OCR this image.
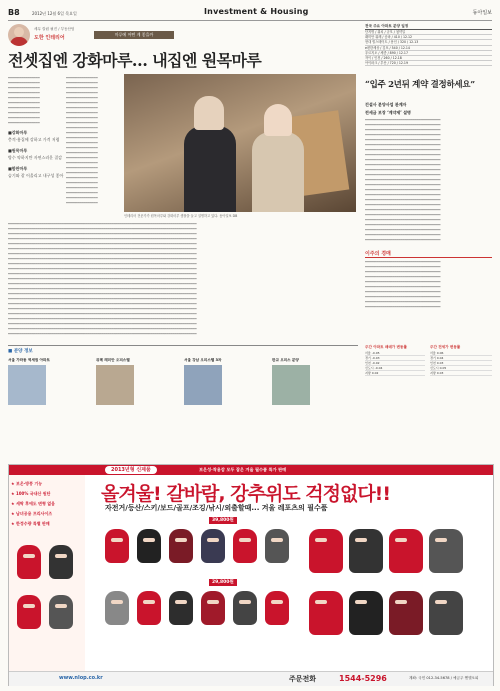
B8	2012년 12월 6일 목요일	Investment & Housing	동아일보
세무 칼럼 필진 / 부동산팀
도한 인테리어
마루에 어떤 게 좋을까
전국 주요 아파트 분양 일정
단지명 / 위치 / 규모 / 청약일
래미안 위례 / 송파 / 410 / 12.12
현대 힐스테이트 / 용인 / 320 / 12.13
e편한세상 / 김포 / 540 / 12.14
푸르지오 / 세종 / 890 / 12.17
자이 / 인천 / 260 / 12.18
아이파크 / 부산 / 720 / 12.19
전셋집엔 강화마루… 내집엔 원목마루
━━━━━━━━━━━━━━━━
━━━━━━━━━━━━━━━━
━━━━━━━━━━━━━━━━
━━━━━━━━━━━━━━━━
━━━━━━━━━━━━━━━━
━━━━━━━━━━━━━━━━
━━━━━━━━━━━━━━━━
━━━━━━━━━━━━━━━━
━━━━━━━━━━━━━━━━
━━━━━━━━━━━━━━━━
■강화마루
충격·흠집에 강하고 가격 저렴
■원목마루
방수 약하지만 자연스러운 질감
■합판마루
습기와 잘 어울리고 내구성 좋아
━━━━━━━━━━━━━━━━
━━━━━━━━━━━━━━━━
━━━━━━━━━━━━━━━━
━━━━━━━━━━━━━━━━
━━━━━━━━━━━━━━━━
━━━━━━━━━━━━━━━━
━━━━━━━━━━━━━━━━
━━━━━━━━━━━━━━━━
━━━━━━━━━━━━━━━━
━━━━━━━━━━━━━━━━
━━━━━━━━━━━━━━━━
━━━━━━━━━━━━━━━━
━━━━━━━━━━━━━━━━
━━━━━━━━━━━━━━━━
━━━━━━━━━━━━━━━━
━━━━━━━━━━━━━━━━
━━━━━━━━━━━━━━━━
━━━━━━━━━━━━━━━━
━━━━━━━━━━━━━━━━
━━━━━━━━━━━━━━━━
━━━━━━━━━━━━━━━━
━━━━━━━━━━━━━━━━
━━━━━━━━━━━━━━━━
━━━━━━━━━━━━━━━━
━━━━━━━━━━━━━━━━
━━━━━━━━━━━━━━━━
인테리어 전문가가 원목마루와 강화마루 샘플을 들고 설명하고 있다. 동아일보 DB
━━━━━━━━━━━━━━━━━━━━━━━━━━━━━━━━━━━━━━━━━━━━━━━━━━━━━━━━━━━━━━━━━━━━━━━━━━━━━━━━━━━━━━━━━━━━━━━
━━━━━━━━━━━━━━━━━━━━━━━━━━━━━━━━━━━━━━━━━━━━━━━━━━━━━━━━━━━━━━━━━━━━━━━━━━━━━━━━━━━━━━━━━━━━━━━
━━━━━━━━━━━━━━━━━━━━━━━━━━━━━━━━━━━━━━━━━━━━━━━━━━━━━━━━━━━━━━━━━━━━━━━━━━━━━━━━━━━━━━━━━━━━━━━
━━━━━━━━━━━━━━━━━━━━━━━━━━━━━━━━━━━━━━━━━━━━━━━━━━━━━━━━━━━━━━━━━━━━━━━━━━━━━━━━━━━━━━━━━━━━━━━
━━━━━━━━━━━━━━━━━━━━━━━━━━━━━━━━━━━━━━━━━━━━━━━━━━━━━━━━━━━━━━━━━━━━━━━━━━━━━━━━━━━━━━━━━━━━━━━
━━━━━━━━━━━━━━━━━━━━━━━━━━━━━━━━━━━━━━━━━━━━━━━━━━━━━━━━━━━━━━━━━━━━━━━━━━━━━━━━━━━━━━━━━━━━━━━
━━━━━━━━━━━━━━━━━━━━━━━━━━━━━━━━━━━━━━━━━━━━━━━━━━━━━━━━━━━━━━━━━━━━━━━━━━━━━━━━━━━━━━━━━━━━━━━
━━━━━━━━━━━━━━━━━━━━━━━━━━━━━━━━━━━━━━━━━━━━━━━━━━━━━━━━━━━━━━━━━━━━━━━━━━━━━━━━━━━━━━━━━━━━━━━
━━━━━━━━━━━━━━━━━━━━━━━━━━━━━━━━━━━━━━━━━━━━━━━━━━━━━━━━━━━━━━━━━━━━━━━━━━━━━━━━━━━━━━━━━━━━━━━
━━━━━━━━━━━━━━━━━━━━━━━━━━━━━━━━━━━━━━━━━━━━━━━━━━━━━━━━━━━━━━━━━━━━━━━━━━━━━━━━━━━━━━━━━━━━━━━
━━━━━━━━━━━━━━━━━━━━━━━━━━━━━━━━━━━━━━━━━━━━━━━━━━━━━━━━━━━━━━━━━━━━━━━━━━━━━━━━━━━━━━━━━━━━━━━
━━━━━━━━━━━━━━━━━━━━━━━━━━━━━━━━━━━━━━━━━━━━━━━━━━━━━━━━━━━━━━━━━━━━━━━━━━━━━━━━━━━━━━━━━━━━━━━
━━━━━━━━━━━━━━━━━━━━━━━━━━━━━━━━━━━━━━━━━━━━━━━━━━━━━━━━━━━━━━━━━━━━━━━━━━━━━━━━━━━━━━━━━━━━━━━
━━━━━━━━━━━━━━━━━━━━━━━━━━━━━━━━━━━━━━━━━━━━━━━━━━━━━━━━━━━━━━━━━━━━━━━━━━━━━━━━━━━━━━━━━━━━━━━
━━━━━━━━━━━━━━━━━━━━━━━━━━━━━━━━━━━━━━━━━━━━━━━━━━━━━━━━━━━━━━━━━━━━━━━━━━━━━━━━━━━━━━━━━━━━━━━
━━━━━━━━━━━━━━━━━━━━━━━━━━━━━━━━━━━━━━━━━━━━━━━━━━━━━━━━━━━━━━━━━━━━━━━━━━━━━━━━━━━━━━━━━━━━━━━
━━━━━━━━━━━━━━━━━━━━━━━━━━━━━━━━━━━━━━━━━━━━━━━━━━━━━━━━━━━━━━━━━━━━━━━━━━━━━━━━━━━━━━━━━━━━━━━
━━━━━━━━━━━━━━━━━━━━━━━━━━━━━━━━━━━━━━━━━━━━━━━━━━━━━━━━━━━━━━━━━━━━━━━━━━━━━━━━━━━━━━━━━━━━━━━
━━━━━━━━━━━━━━━━━━━━━━━━━━━━━━━━━━━━━━━━━━━━━━━━━━━━━━━━━━━━━━━━━━━━━━━━━━━━━━━━━━━━━━━━━━━━━━━
━━━━━━━━━━━━━━━━━━━━━━━━━━━━━━━━━━━━━━━━━━━━━━━━━━━━━━━━━━━━━━━━━━━━━━━━━━━━━━━━━━━━━━━━━━━━━━━
━━━━━━━━━━━━━━━━━━━━━━━━━━━━━━━━━━━━━━━━━━━━━━━━━━━━━━━━━━━━━━━━━━━━━━━━━━━━━━━━━━━━━━━━━━━━━━━
━━━━━━━━━━━━━━━━━━━━━━━━━━━━━━━━━━━━━━━━━━━━━━━━━━━━━━━━━━━━━━━━━━━━━━━━━━━━━━━━━━━━━━━━━━━━━━━
━━━━━━━━━━━━━━━━━━━━━━━━━━━━━━━━━━━━━━━━━━━━━━━━━━━━━━━━━━━━━━━━━━━━━━━━━━━━━━━━━━━━━━━━━━━━━━━
“입주 2년뒤 계약 결정하세요”
건설사 분양사업 관계자
전세금 보장 ‘계약제’ 설명
━━━━━━━━━━━━━━━━━━━━━━━━━━━━━━━━━━━━━━
━━━━━━━━━━━━━━━━━━━━━━━━━━━━━━━━━━━━━━
━━━━━━━━━━━━━━━━━━━━━━━━━━━━━━━━━━━━━━
━━━━━━━━━━━━━━━━━━━━━━━━━━━━━━━━━━━━━━
━━━━━━━━━━━━━━━━━━━━━━━━━━━━━━━━━━━━━━
━━━━━━━━━━━━━━━━━━━━━━━━━━━━━━━━━━━━━━
━━━━━━━━━━━━━━━━━━━━━━━━━━━━━━━━━━━━━━
━━━━━━━━━━━━━━━━━━━━━━━━━━━━━━━━━━━━━━
━━━━━━━━━━━━━━━━━━━━━━━━━━━━━━━━━━━━━━
━━━━━━━━━━━━━━━━━━━━━━━━━━━━━━━━━━━━━━
━━━━━━━━━━━━━━━━━━━━━━━━━━━━━━━━━━━━━━
━━━━━━━━━━━━━━━━━━━━━━━━━━━━━━━━━━━━━━
━━━━━━━━━━━━━━━━━━━━━━━━━━━━━━━━━━━━━━
━━━━━━━━━━━━━━━━━━━━━━━━━━━━━━━━━━━━━━
━━━━━━━━━━━━━━━━━━━━━━━━━━━━━━━━━━━━━━
━━━━━━━━━━━━━━━━━━━━━━━━━━━━━━━━━━━━━━
━━━━━━━━━━━━━━━━━━━━━━━━━━━━━━━━━━━━━━
━━━━━━━━━━━━━━━━━━━━━━━━━━━━━━━━━━━━━━
━━━━━━━━━━━━━━━━━━━━━━━━━━━━━━━━━━━━━━
━━━━━━━━━━━━━━━━━━━━━━━━━━━━━━━━━━━━━━
━━━━━━━━━━━━━━━━━━━━━━━━━━━━━━━━━━━━━━
━━━━━━━━━━━━━━━━━━━━━━━━━━━━━━━━━━━━━━
━━━━━━━━━━━━━━━━━━━━━━━━━━━━━━━━━━━━━━
━━━━━━━━━━━━━━━━━━━━━━━━━━━━━━━━━━━━━━
━━━━━━━━━━━━━━━━━━━━━━━━━━━━━━━━━━━━━━
이주의 경매
━━━━━━━━━━━━━━━━━━━━━━━━━━━━━━━━━━━━━━
━━━━━━━━━━━━━━━━━━━━━━━━━━━━━━━━━━━━━━
━━━━━━━━━━━━━━━━━━━━━━━━━━━━━━━━━━━━━━
━━━━━━━━━━━━━━━━━━━━━━━━━━━━━━━━━━━━━━
━━━━━━━━━━━━━━━━━━━━━━━━━━━━━━━━━━━━━━
━━━━━━━━━━━━━━━━━━━━━━━━━━━━━━━━━━━━━━
━━━━━━━━━━━━━━━━━━━━━━━━━━━━━━━━━━━━━━
━━━━━━━━━━━━━━━━━━━━━━━━━━━━━━━━━━━━━━
━━━━━━━━━━━━━━━━━━━━━━━━━━━━━━━━━━━━━━
━━━━━━━━━━━━━━━━━━━━━━━━━━━━━━━━━━━━━━
주간 아파트 매매가 변동률
서울 -0.05
경기 -0.03
인천 -0.02
신도시 -0.04
지방 0.02
주간 전세가 변동률
서울 0.06
경기 0.04
인천 0.03
신도시 0.05
지방 0.03
■ 분양 정보
서울 가좌동 역세권 아파트	위례 래미안 오피스텔	서울 강남 오피스텔 3차	판교 오피스 분양
2013년형 신제품	보온성·착용감 모두 잡은 겨울 필수품 특가 판매
★ 보온·방풍 기능
★ 100% 국내산 원단
★ 세탁 후에도 변형 없음
★ 남녀공용 프리사이즈
★ 한정수량 특별 판매
올겨울! 갈바람, 강추위도 걱정없다!!
자전거/등산/스키/보드/골프/조깅/낚시/외출할때... 겨울 레포츠의 필수품
39,800원
29,800원
www.nlop.co.kr	주문전화	1544-5296	계좌: 국민 012-34-5678 / 예금주 엔엘오피
